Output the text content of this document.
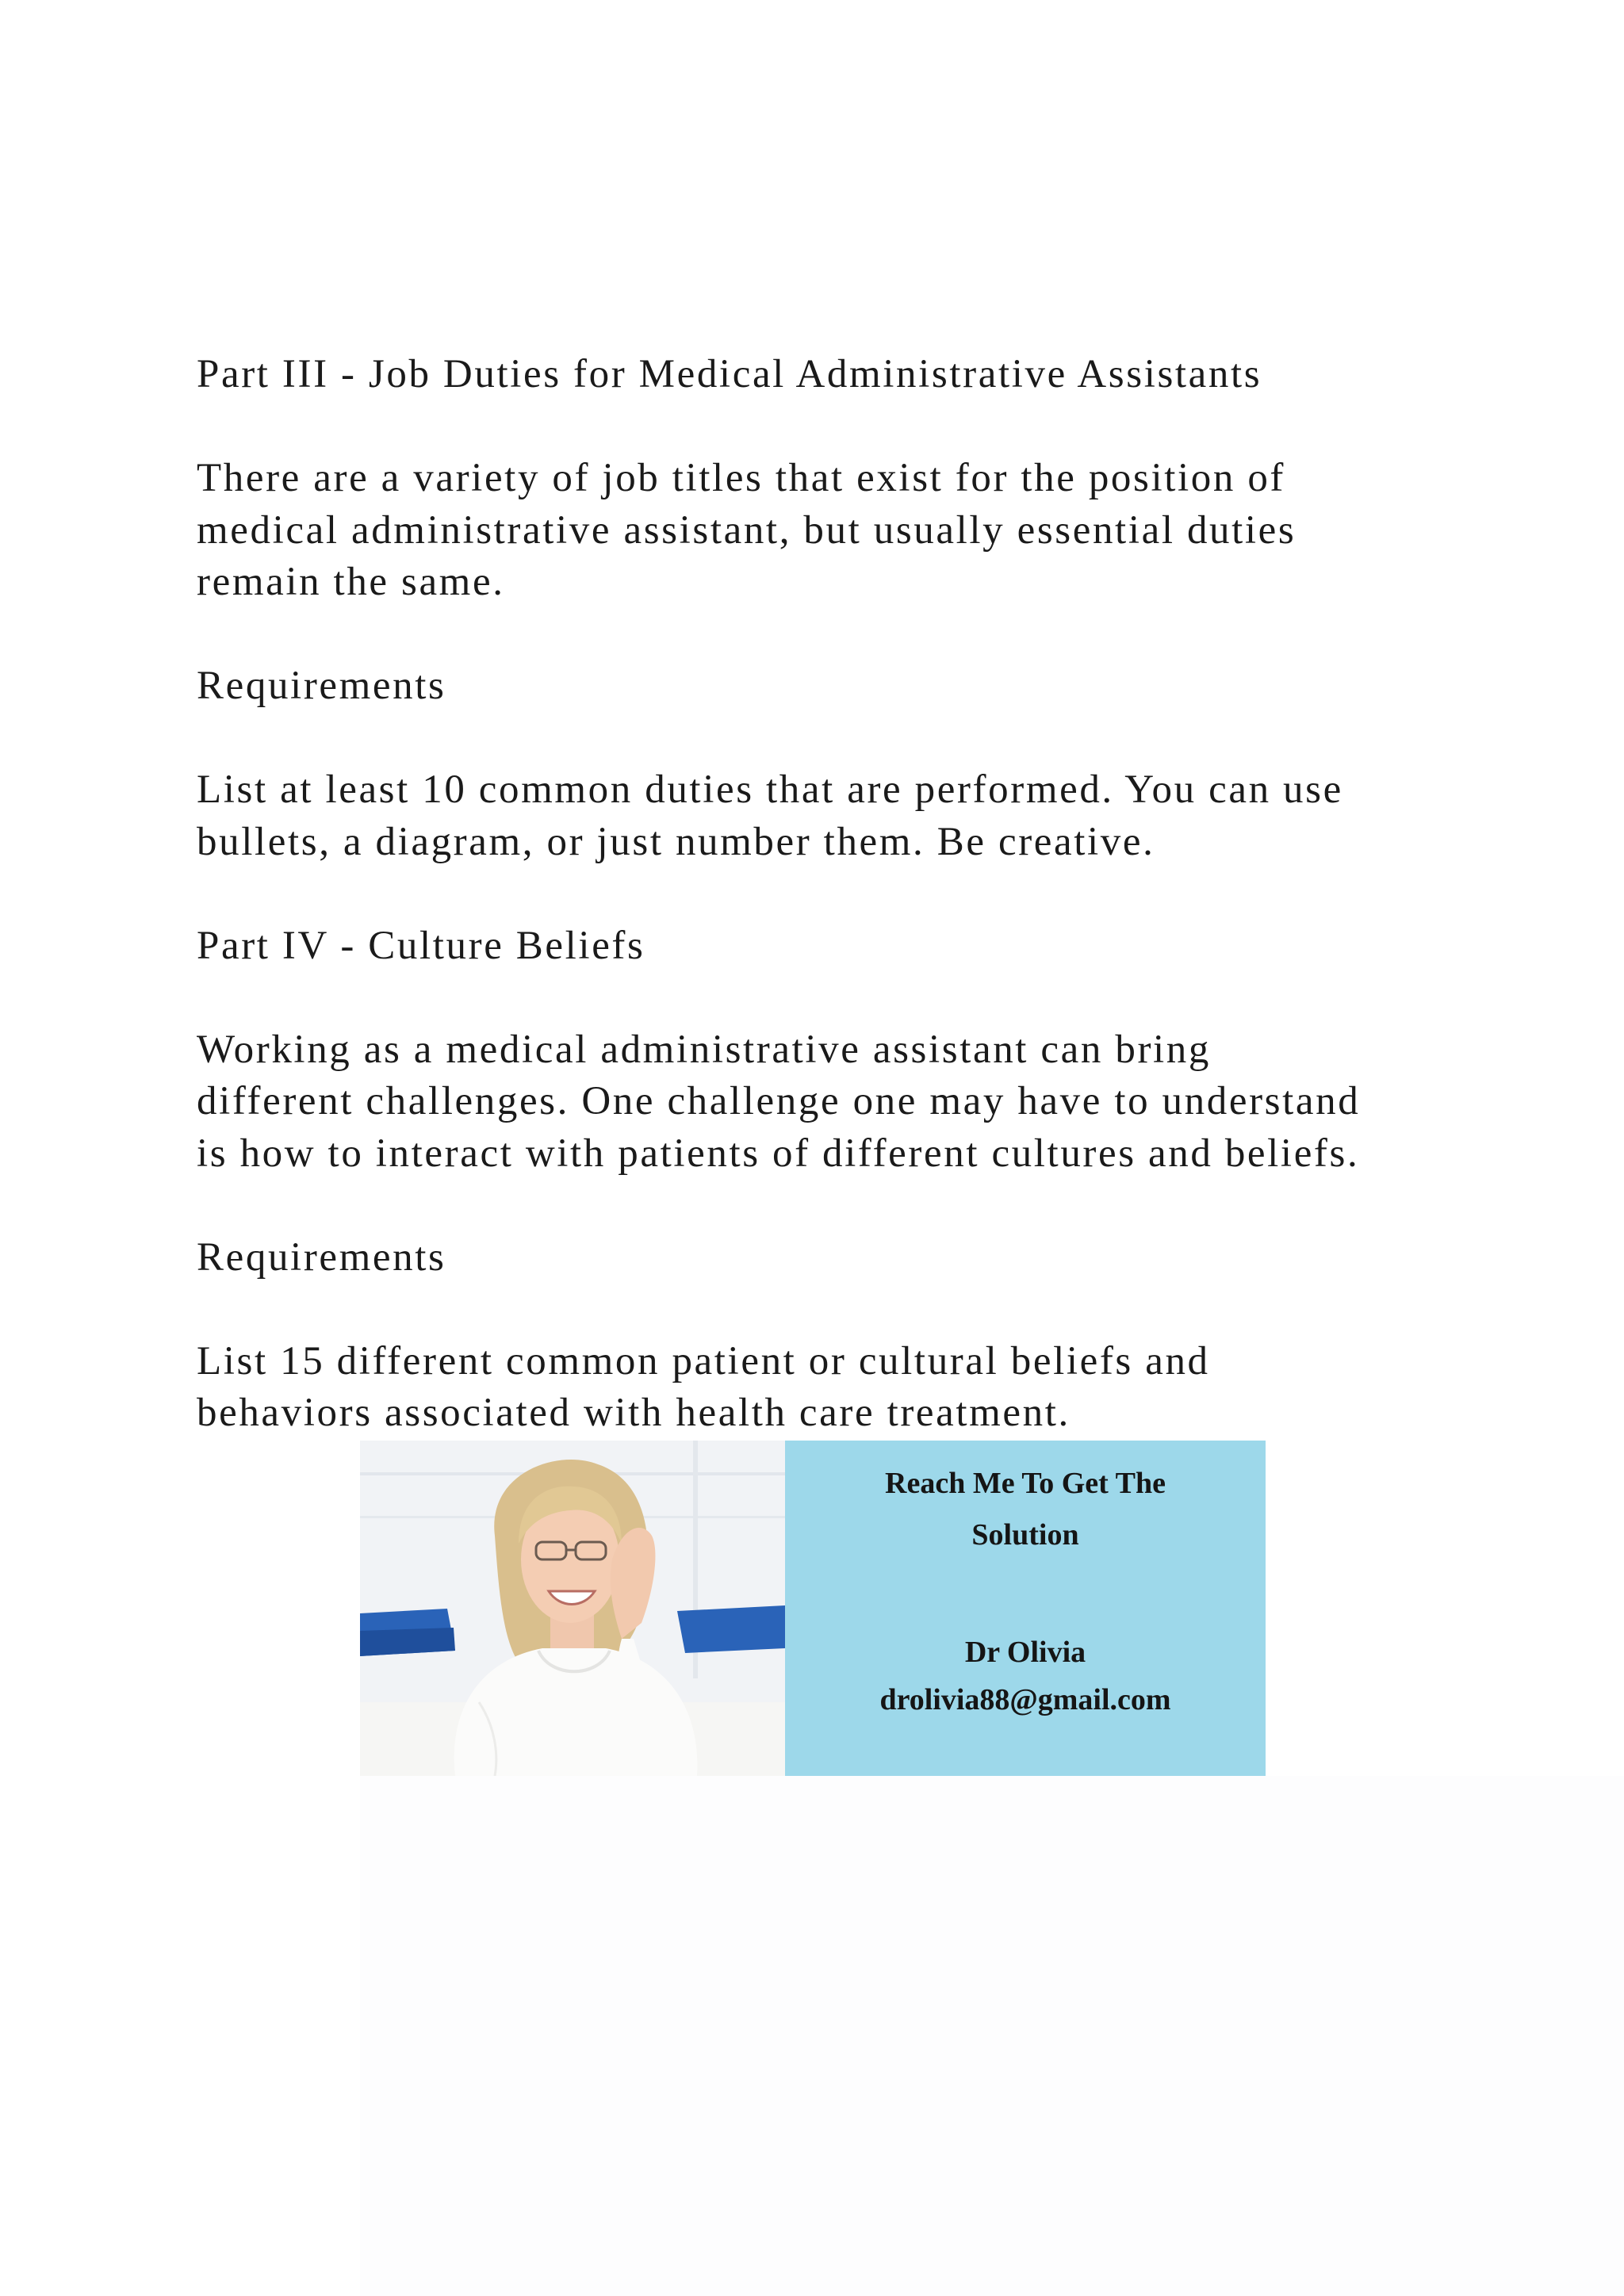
Part III - Job Duties for Medical Administrative Assistants

There are a variety of job titles that exist for the position of
medical administrative assistant, but usually essential duties
remain the same.

Requirements

List at least 10 common duties that are performed. You can use
bullets, a diagram, or just number them. Be creative.

Part IV - Culture Beliefs

Working as a medical administrative assistant can bring
different challenges. One challenge one may have to understand
is how to interact with patients of different cultures and beliefs.

Requirements

List 15 different common patient or cultural beliefs and
behaviors associated with health care treatment.

Reach Me To Get The
Solution
Dr Olivia
drolivia88@gmail.com
